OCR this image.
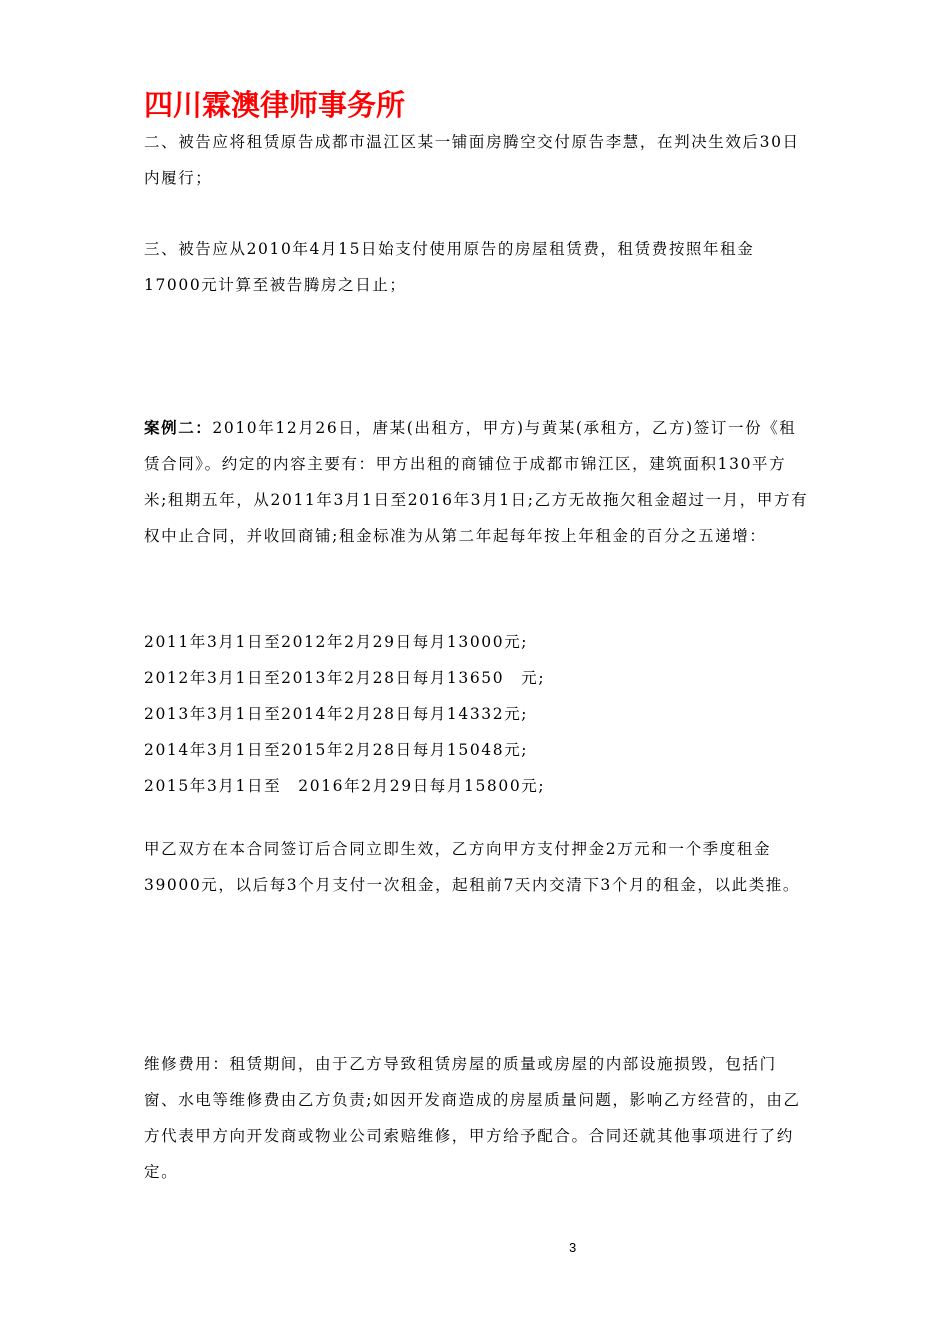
四川霖澳律师事务所

二、被告应将租赁原告成都市温江区某一铺面房腾空交付原告李慧，在判决生效后30日内履行；

三、被告应从2010年4月15日始支付使用原告的房屋租赁费，租赁费按照年租金17000元计算至被告腾房之日止；

案例二：2010年12月26日，唐某(出租方，甲方)与黄某(承租方，乙方)签订一份《租赁合同》。约定的内容主要有：甲方出租的商铺位于成都市锦江区，建筑面积130平方米;租期五年，从2011年3月1日至2016年3月1日;乙方无故拖欠租金超过一月，甲方有权中止合同，并收回商铺;租金标准为从第二年起每年按上年租金的百分之五递增：

2011年3月1日至2012年2月29日每月13000元;
2012年3月1日至2013年2月28日每月13650　元;
2013年3月1日至2014年2月28日每月14332元;
2014年3月1日至2015年2月28日每月15048元;
2015年3月1日至　2016年2月29日每月15800元;

甲乙双方在本合同签订后合同立即生效，乙方向甲方支付押金2万元和一个季度租金39000元，以后每3个月支付一次租金，起租前7天内交清下3个月的租金，以此类推。

维修费用：租赁期间，由于乙方导致租赁房屋的质量或房屋的内部设施损毁，包括门窗、水电等维修费由乙方负责;如因开发商造成的房屋质量问题，影响乙方经营的，由乙方代表甲方向开发商或物业公司索赔维修，甲方给予配合。合同还就其他事项进行了约定。

3
